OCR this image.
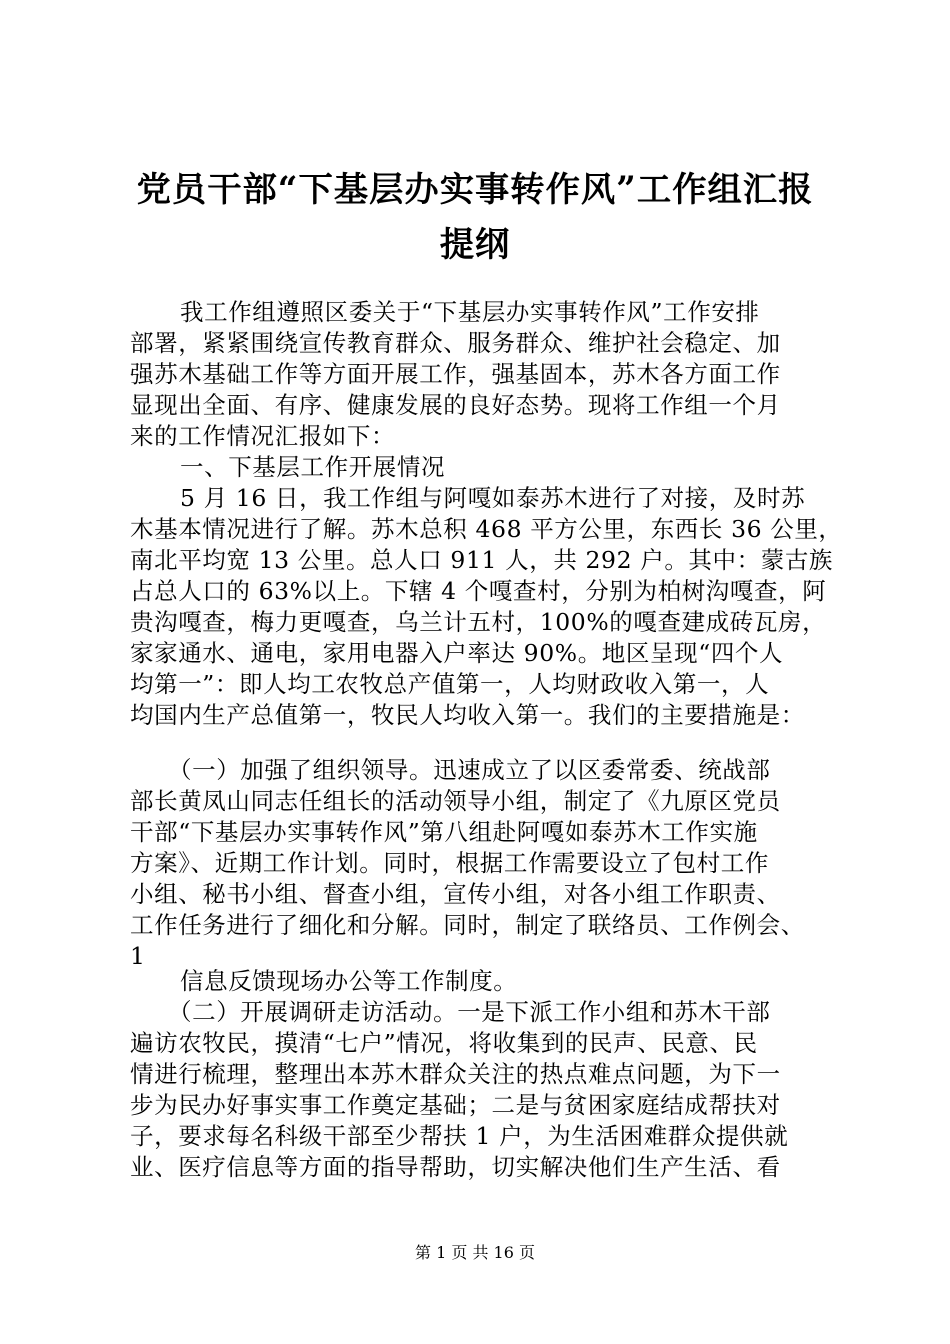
党员干部“下基层办实事转作风”工作组汇报
提纲
我工作组遵照区委关于“下基层办实事转作风”工作安排
部署，紧紧围绕宣传教育群众、服务群众、维护社会稳定、加
强苏木基础工作等方面开展工作，强基固本，苏木各方面工作
显现出全面、有序、健康发展的良好态势。现将工作组一个月
来的工作情况汇报如下：
一、下基层工作开展情况
5 月 16 日，我工作组与阿嘎如泰苏木进行了对接，及时苏
木基本情况进行了解。苏木总积 468 平方公里，东西长 36 公里，
南北平均宽 13 公里。总人口 911 人，共 292 户。其中：蒙古族
占总人口的 63%以上。下辖 4 个嘎查村，分别为柏树沟嘎查，阿
贵沟嘎查，梅力更嘎查，乌兰计五村，100%的嘎查建成砖瓦房，
家家通水、通电，家用电器入户率达 90%。地区呈现“四个人
均第一”：即人均工农牧总产值第一，人均财政收入第一，人
均国内生产总值第一，牧民人均收入第一。我们的主要措施是：
（一）加强了组织领导。迅速成立了以区委常委、统战部
部长黄凤山同志任组长的活动领导小组，制定了《九原区党员
干部“下基层办实事转作风”第八组赴阿嘎如泰苏木工作实施
方案》、近期工作计划。同时，根据工作需要设立了包村工作
小组、秘书小组、督查小组，宣传小组，对各小组工作职责、
工作任务进行了细化和分解。同时，制定了联络员、工作例会、
1
信息反馈现场办公等工作制度。
（二）开展调研走访活动。一是下派工作小组和苏木干部
遍访农牧民，摸清“七户”情况，将收集到的民声、民意、民
情进行梳理，整理出本苏木群众关注的热点难点问题，为下一
步为民办好事实事工作奠定基础；二是与贫困家庭结成帮扶对
子，要求每名科级干部至少帮扶 1 户，为生活困难群众提供就
业、医疗信息等方面的指导帮助，切实解决他们生产生活、看
第 1 页 共 16 页
